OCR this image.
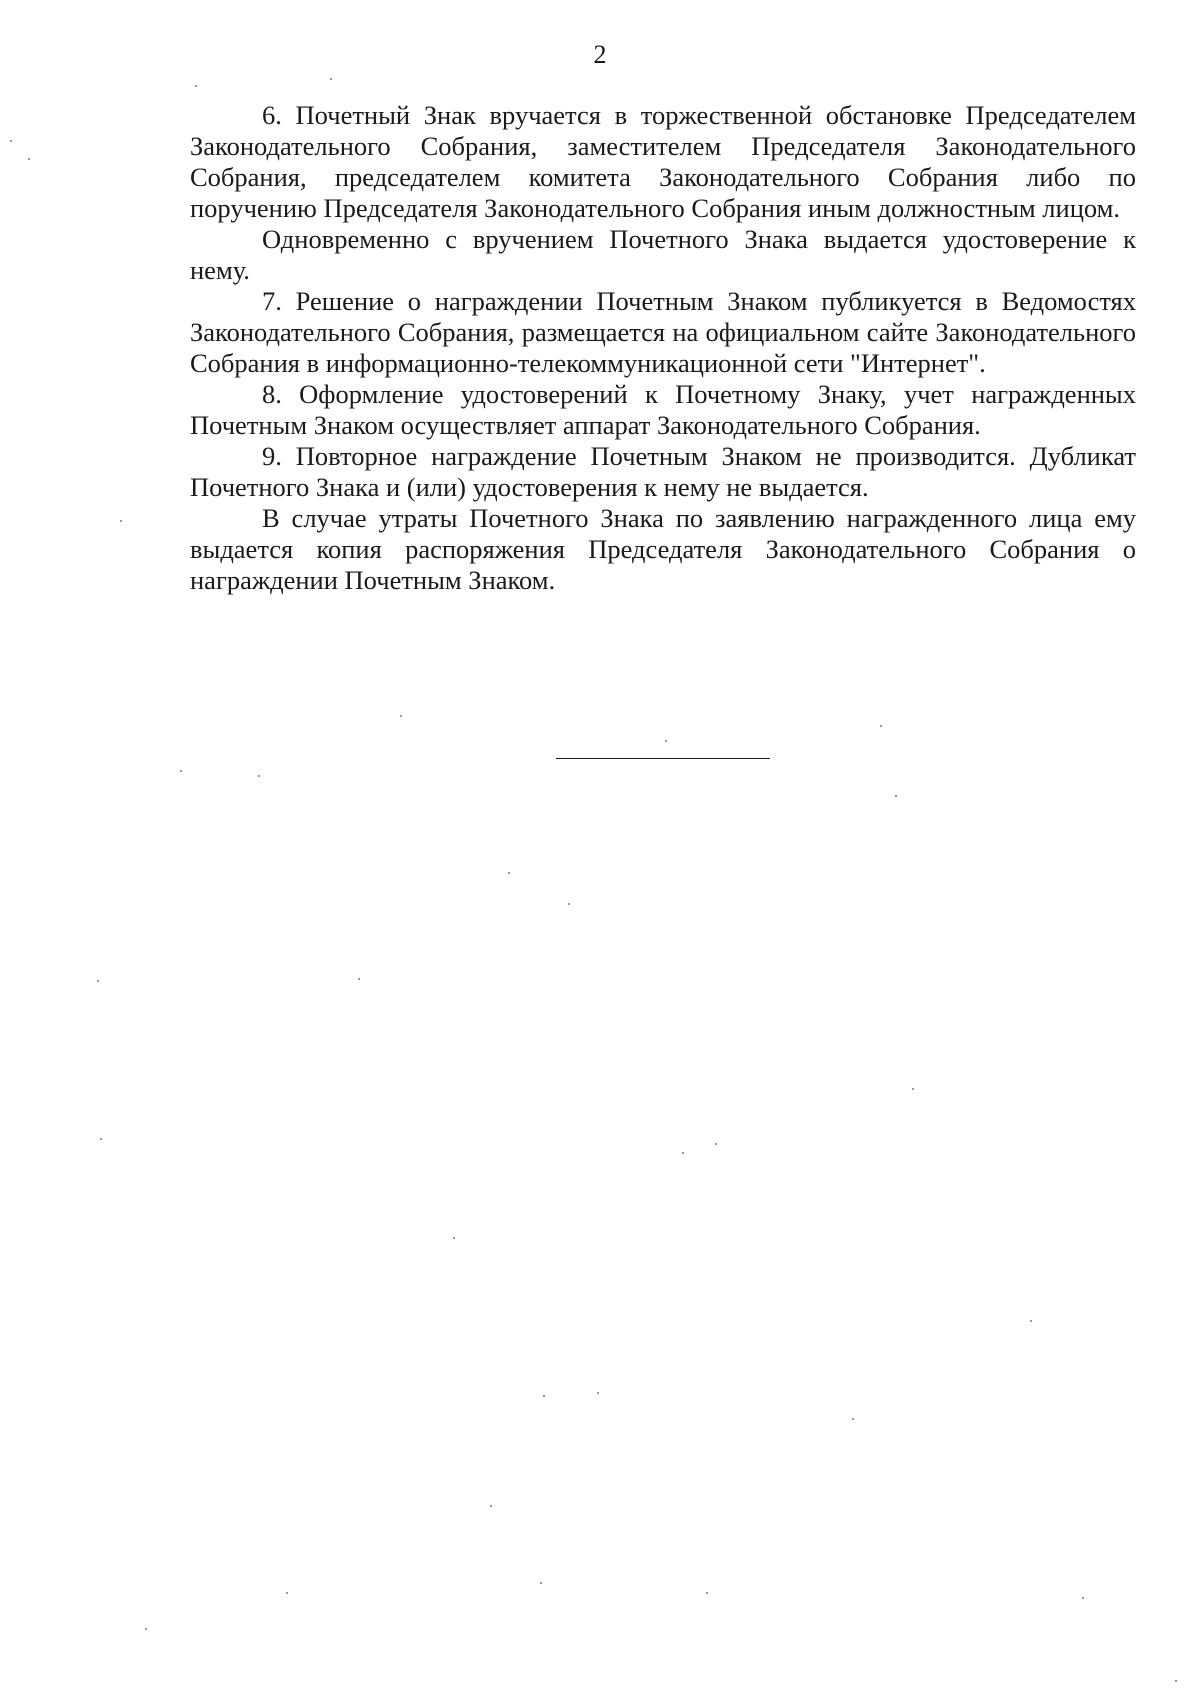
2

6. Почетный Знак вручается в торжественной обстановке Председателем Законодательного Собрания, заместителем Председателя Законодательного Собрания, председателем комитета Законодательного Собрания либо по поручению Председателя Законодательного Собрания иным должностным лицом.

Одновременно с вручением Почетного Знака выдается удостоверение к нему.

7. Решение о награждении Почетным Знаком публикуется в Ведомостях Законодательного Собрания, размещается на официальном сайте Законодательного Собрания в информационно-телекоммуникационной сети "Интернет".

8. Оформление удостоверений к Почетному Знаку, учет награжденных Почетным Знаком осуществляет аппарат Законодательного Собрания.

9. Повторное награждение Почетным Знаком не производится. Дубликат Почетного Знака и (или) удостоверения к нему не выдается.

В случае утраты Почетного Знака по заявлению награжденного лица ему выдается копия распоряжения Председателя Законодательного Собрания о награждении Почетным Знаком.
